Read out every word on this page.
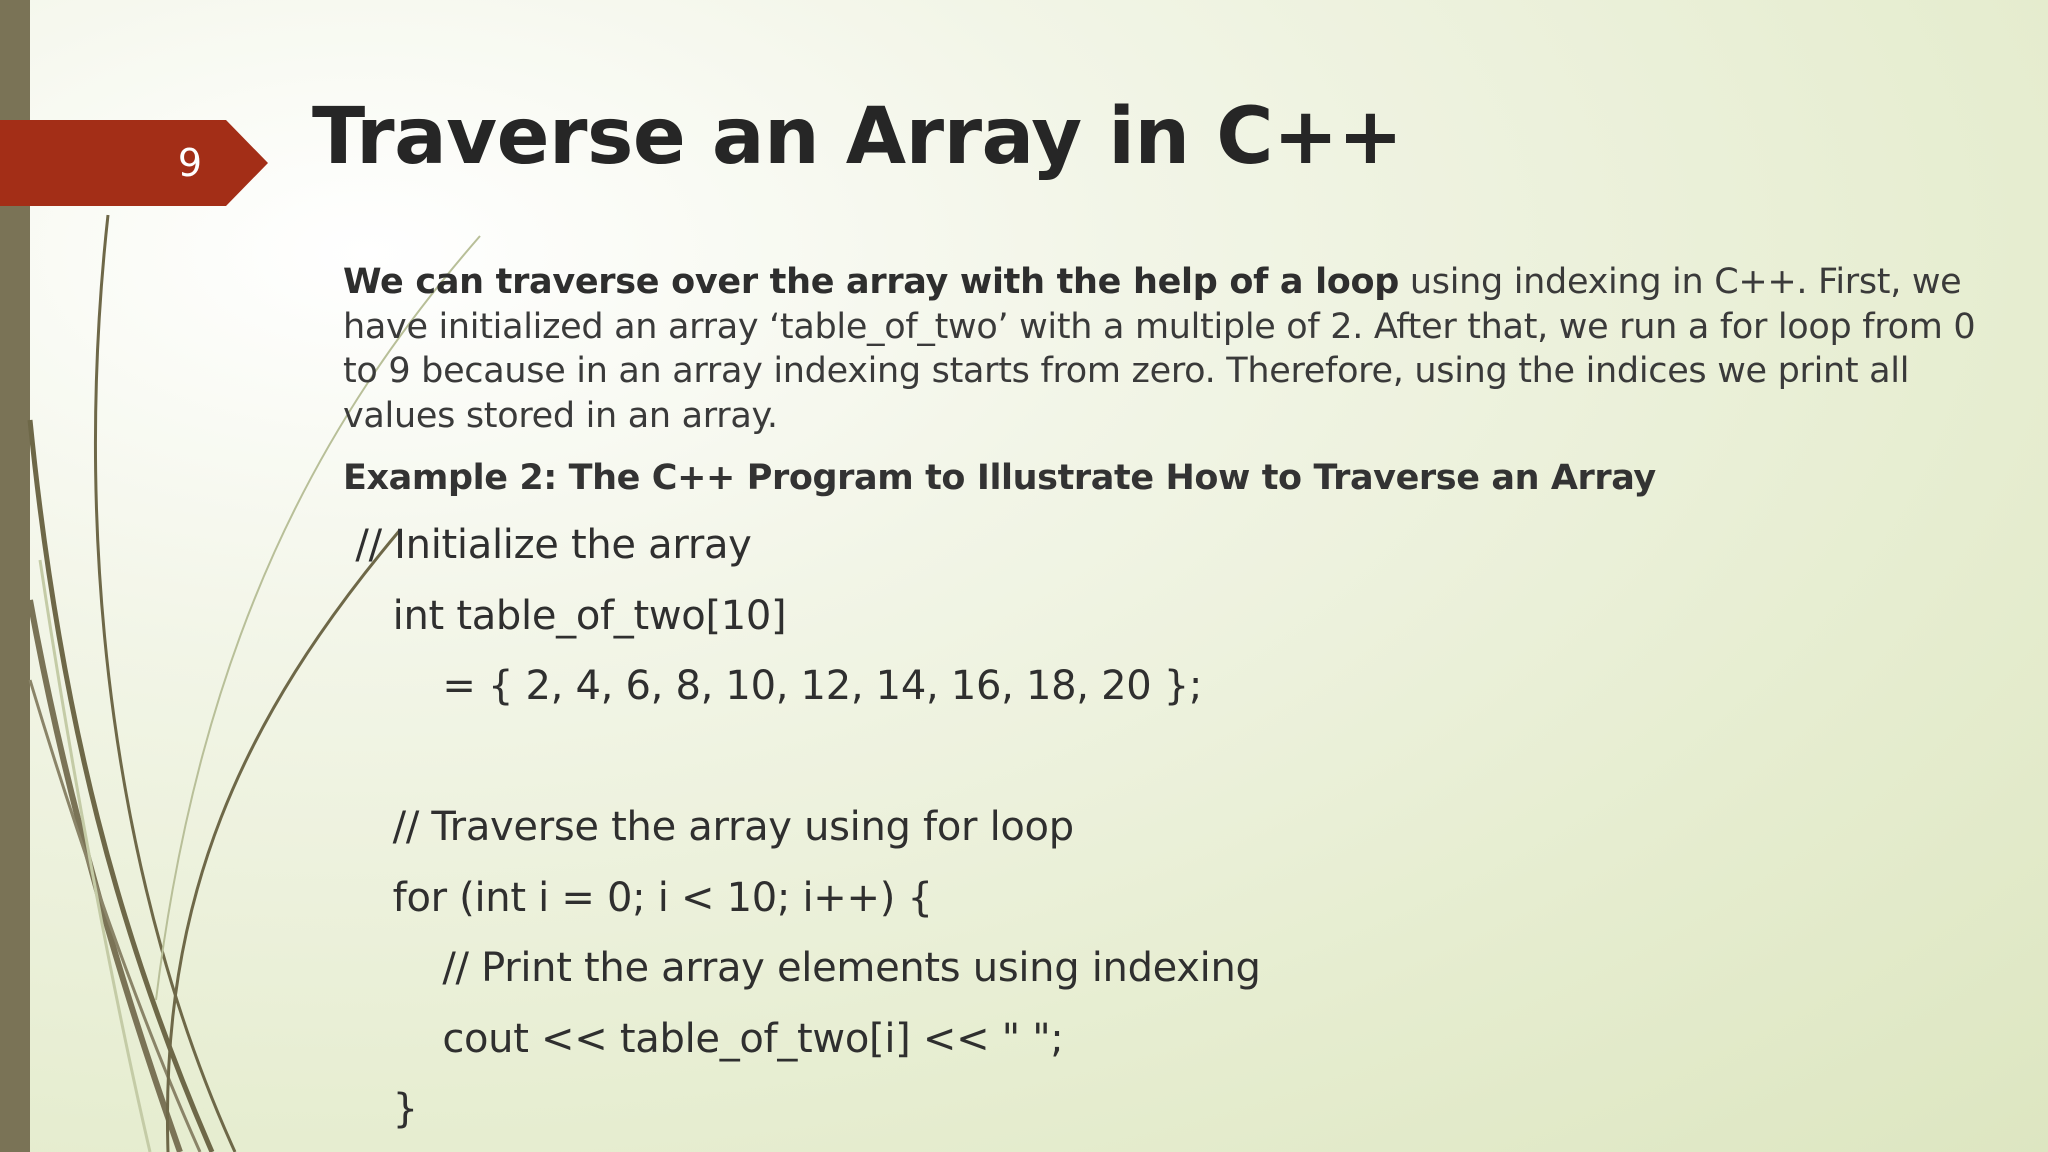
9	Traverse an Array in C++

We can traverse over the array with the help of a loop using indexing in C++. First, we have initialized an array ‘table_of_two’ with a multiple of 2. After that, we run a for loop from 0 to 9 because in an array indexing starts from zero. Therefore, using the indices we print all values stored in an array.

Example 2: The C++ Program to Illustrate How to Traverse an Array
// Initialize the array
int table_of_two[10]
= { 2, 4, 6, 8, 10, 12, 14, 16, 18, 20 };
// Traverse the array using for loop
for (int i = 0; i < 10; i++) {
// Print the array elements using indexing
cout << table_of_two[i] << " ";
}
